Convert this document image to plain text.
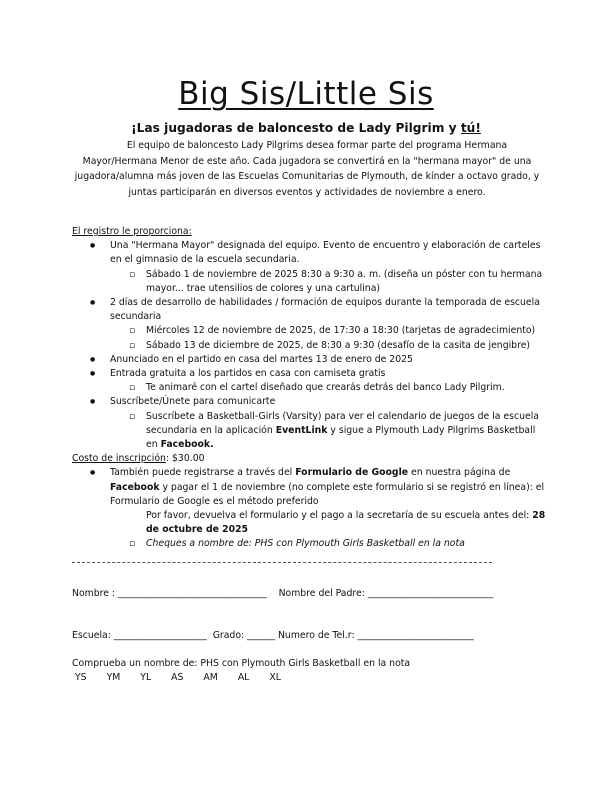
Big Sis/Little Sis
¡Las jugadoras de baloncesto de Lady Pilgrim y tú!
El equipo de baloncesto Lady Pilgrims desea formar parte del programa Hermana Mayor/Hermana Menor de este año. Cada jugadora se convertirá en la "hermana mayor" de una jugadora/alumna más joven de las Escuelas Comunitarias de Plymouth, de kínder a octavo grado, y juntas participarán en diversos eventos y actividades de noviembre a enero.
El registro le proporciona:
● Una "Hermana Mayor" designada del equipo. Evento de encuentro y elaboración de carteles en el gimnasio de la escuela secundaria.
▫ Sábado 1 de noviembre de 2025 8:30 a 9:30 a. m. (diseña un póster con tu hermana mayor... trae utensilios de colores y una cartulina)
● 2 días de desarrollo de habilidades / formación de equipos durante la temporada de escuela secundaria
▫ Miércoles 12 de noviembre de 2025, de 17:30 a 18:30 (tarjetas de agradecimiento)
▫ Sábado 13 de diciembre de 2025, de 8:30 a 9:30 (desafío de la casita de jengibre)
● Anunciado en el partido en casa del martes 13 de enero de 2025
● Entrada gratuita a los partidos en casa con camiseta gratis
▫ Te animaré con el cartel diseñado que crearás detrás del banco Lady Pilgrim.
● Suscríbete/Únete para comunicarte
▫ Suscríbete a Basketball-Girls (Varsity) para ver el calendario de juegos de la escuela secundaria en la aplicación EventLink y sigue a Plymouth Lady Pilgrims Basketball en Facebook.
Costo de inscripción: $30.00
● También puede registrarse a través del Formulario de Google en nuestra página de Facebook y pagar el 1 de noviembre (no complete este formulario si se registró en línea): el Formulario de Google es el método preferido
Por favor, devuelva el formulario y el pago a la secretaría de su escuela antes del: 28 de octubre de 2025
▫ Cheques a nombre de: PHS con Plymouth Girls Basketball en la nota
Nombre : ________________________________ Nombre del Padre: ___________________________
Escuela: ____________________ Grado: ______ Numero de Tel.r: _________________________
Comprueba un nombre de: PHS con Plymouth Girls Basketball en la nota
YS YM YL AS AM AL XL
